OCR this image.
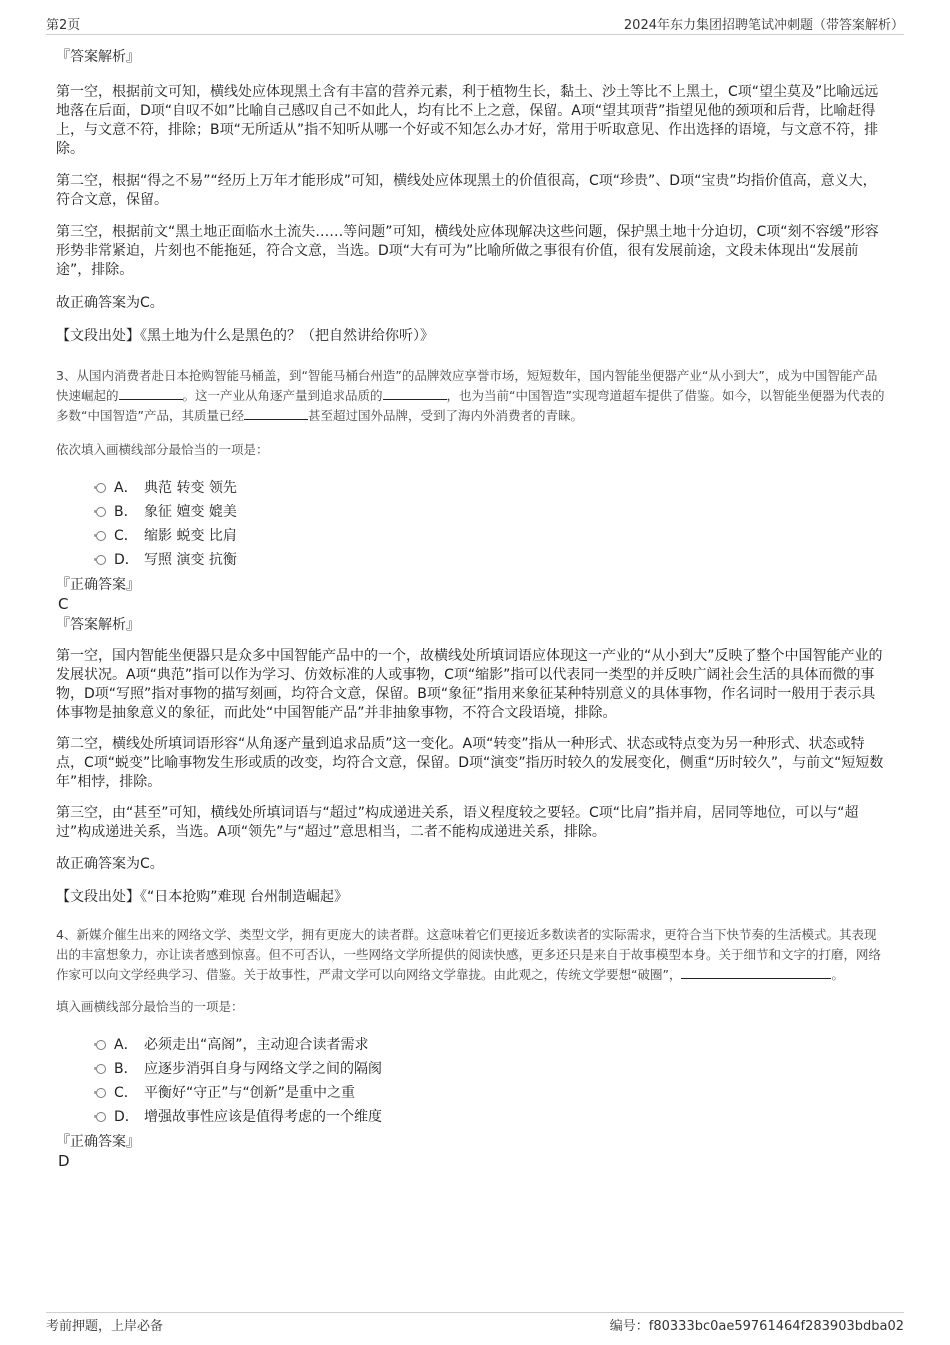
第2页	2024年东力集团招聘笔试冲刺题（带答案解析）

『答案解析』

第一空，根据前文可知，横线处应体现黑土含有丰富的营养元素，利于植物生长，黏土、沙土等比不上黑土，C项“望尘莫及”比喻远远地落在后面，D项“自叹不如”比喻自己感叹自己不如此人，均有比不上之意，保留。A项“望其项背”指望见他的颈项和后背，比喻赶得上，与文意不符，排除；B项“无所适从”指不知听从哪一个好或不知怎么办才好，常用于听取意见、作出选择的语境，与文意不符，排除。

第二空，根据“得之不易”“经历上万年才能形成”可知，横线处应体现黑土的价值很高，C项“珍贵”、D项“宝贵”均指价值高，意义大，符合文意，保留。

第三空，根据前文“黑土地正面临水土流失……等问题”可知，横线处应体现解决这些问题，保护黑土地十分迫切，C项“刻不容缓”形容形势非常紧迫，片刻也不能拖延，符合文意，当选。D项“大有可为”比喻所做之事很有价值，很有发展前途，文段未体现出“发展前途”，排除。

故正确答案为C。

【文段出处】《黑土地为什么是黑色的？（把自然讲给你听）》

3、从国内消费者赴日本抢购智能马桶盖，到“智能马桶台州造”的品牌效应享誉市场，短短数年，国内智能坐便器产业“从小到大”，成为中国智能产品快速崛起的	。这一产业从角逐产量到追求品质的	，也为当前“中国智造”实现弯道超车提供了借鉴。如今，以智能坐便器为代表的多数“中国智造”产品，其质量已经	甚至超过国外品牌，受到了海内外消费者的青睐。

依次填入画横线部分最恰当的一项是：

A． 典范 转变 领先
B． 象征 嬗变 媲美
C． 缩影 蜕变 比肩
D． 写照 演变 抗衡

『正确答案』

C

『答案解析』

第一空，国内智能坐便器只是众多中国智能产品中的一个，故横线处所填词语应体现这一产业的“从小到大”反映了整个中国智能产业的发展状况。A项“典范”指可以作为学习、仿效标准的人或事物，C项“缩影”指可以代表同一类型的并反映广阔社会生活的具体而微的事物，D项“写照”指对事物的描写刻画，均符合文意，保留。B项“象征”指用来象征某种特别意义的具体事物，作名词时一般用于表示具体事物是抽象意义的象征，而此处“中国智能产品”并非抽象事物，不符合文段语境，排除。

第二空，横线处所填词语形容“从角逐产量到追求品质”这一变化。A项“转变”指从一种形式、状态或特点变为另一种形式、状态或特点，C项“蜕变”比喻事物发生形或质的改变，均符合文意，保留。D项“演变”指历时较久的发展变化，侧重“历时较久”，与前文“短短数年”相悖，排除。

第三空，由“甚至”可知，横线处所填词语与“超过”构成递进关系，语义程度较之要轻。C项“比肩”指并肩，居同等地位，可以与“超过”构成递进关系，当选。A项“领先”与“超过”意思相当，二者不能构成递进关系，排除。

故正确答案为C。

【文段出处】《“日本抢购”难现 台州制造崛起》

4、新媒介催生出来的网络文学、类型文学，拥有更庞大的读者群。这意味着它们更接近多数读者的实际需求，更符合当下快节奏的生活模式。其表现出的丰富想象力，亦让读者感到惊喜。但不可否认，一些网络文学所提供的阅读快感，更多还只是来自于故事模型本身。关于细节和文字的打磨，网络作家可以向文学经典学习、借鉴。关于故事性，严肃文学可以向网络文学靠拢。由此观之，传统文学要想“破圈”，	。

填入画横线部分最恰当的一项是：

A． 必须走出“高阁”，主动迎合读者需求
B． 应逐步消弭自身与网络文学之间的隔阂
C． 平衡好“守正”与“创新”是重中之重
D． 增强故事性应该是值得考虑的一个维度

『正确答案』

D

考前押题，上岸必备	编号：f80333bc0ae59761464f283903bdba02
